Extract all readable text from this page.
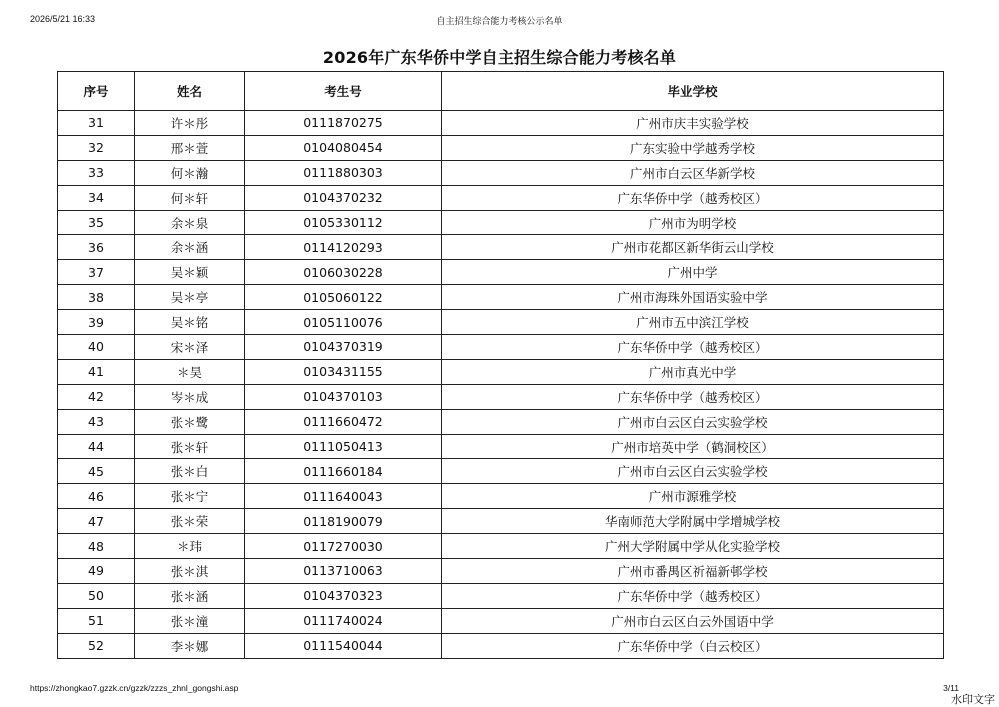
2026/5/21 16:33	自主招生综合能力考核公示名单
2026年广东华侨中学自主招生综合能力考核名单
序号	姓名	考生号	毕业学校
31	许＊彤	0111870275	广州市庆丰实验学校
32	邢＊萱	0104080454	广东实验中学越秀学校
33	何＊瀚	0111880303	广州市白云区华新学校
34	何＊轩	0104370232	广东华侨中学（越秀校区）
35	余＊泉	0105330112	广州市为明学校
36	余＊涵	0114120293	广州市花都区新华街云山学校
37	吴＊颖	0106030228	广州中学
38	吴＊亭	0105060122	广州市海珠外国语实验中学
39	吴＊铭	0105110076	广州市五中滨江学校
40	宋＊泽	0104370319	广东华侨中学（越秀校区）
41	＊昊	0103431155	广州市真光中学
42	岑＊成	0104370103	广东华侨中学（越秀校区）
43	张＊鹭	0111660472	广州市白云区白云实验学校
44	张＊轩	0111050413	广州市培英中学（鹤洞校区）
45	张＊白	0111660184	广州市白云区白云实验学校
46	张＊宁	0111640043	广州市源雅学校
47	张＊荣	0118190079	华南师范大学附属中学增城学校
48	＊玮	0117270030	广州大学附属中学从化实验学校
49	张＊淇	0113710063	广州市番禺区祈福新邨学校
50	张＊涵	0104370323	广东华侨中学（越秀校区）
51	张＊潼	0111740024	广州市白云区白云外国语中学
52	李＊娜	0111540044	广东华侨中学（白云校区）
https://zhongkao7.gzzk.cn/gzzk/zzzs_zhnl_gongshi.asp	3/11
水印文字
